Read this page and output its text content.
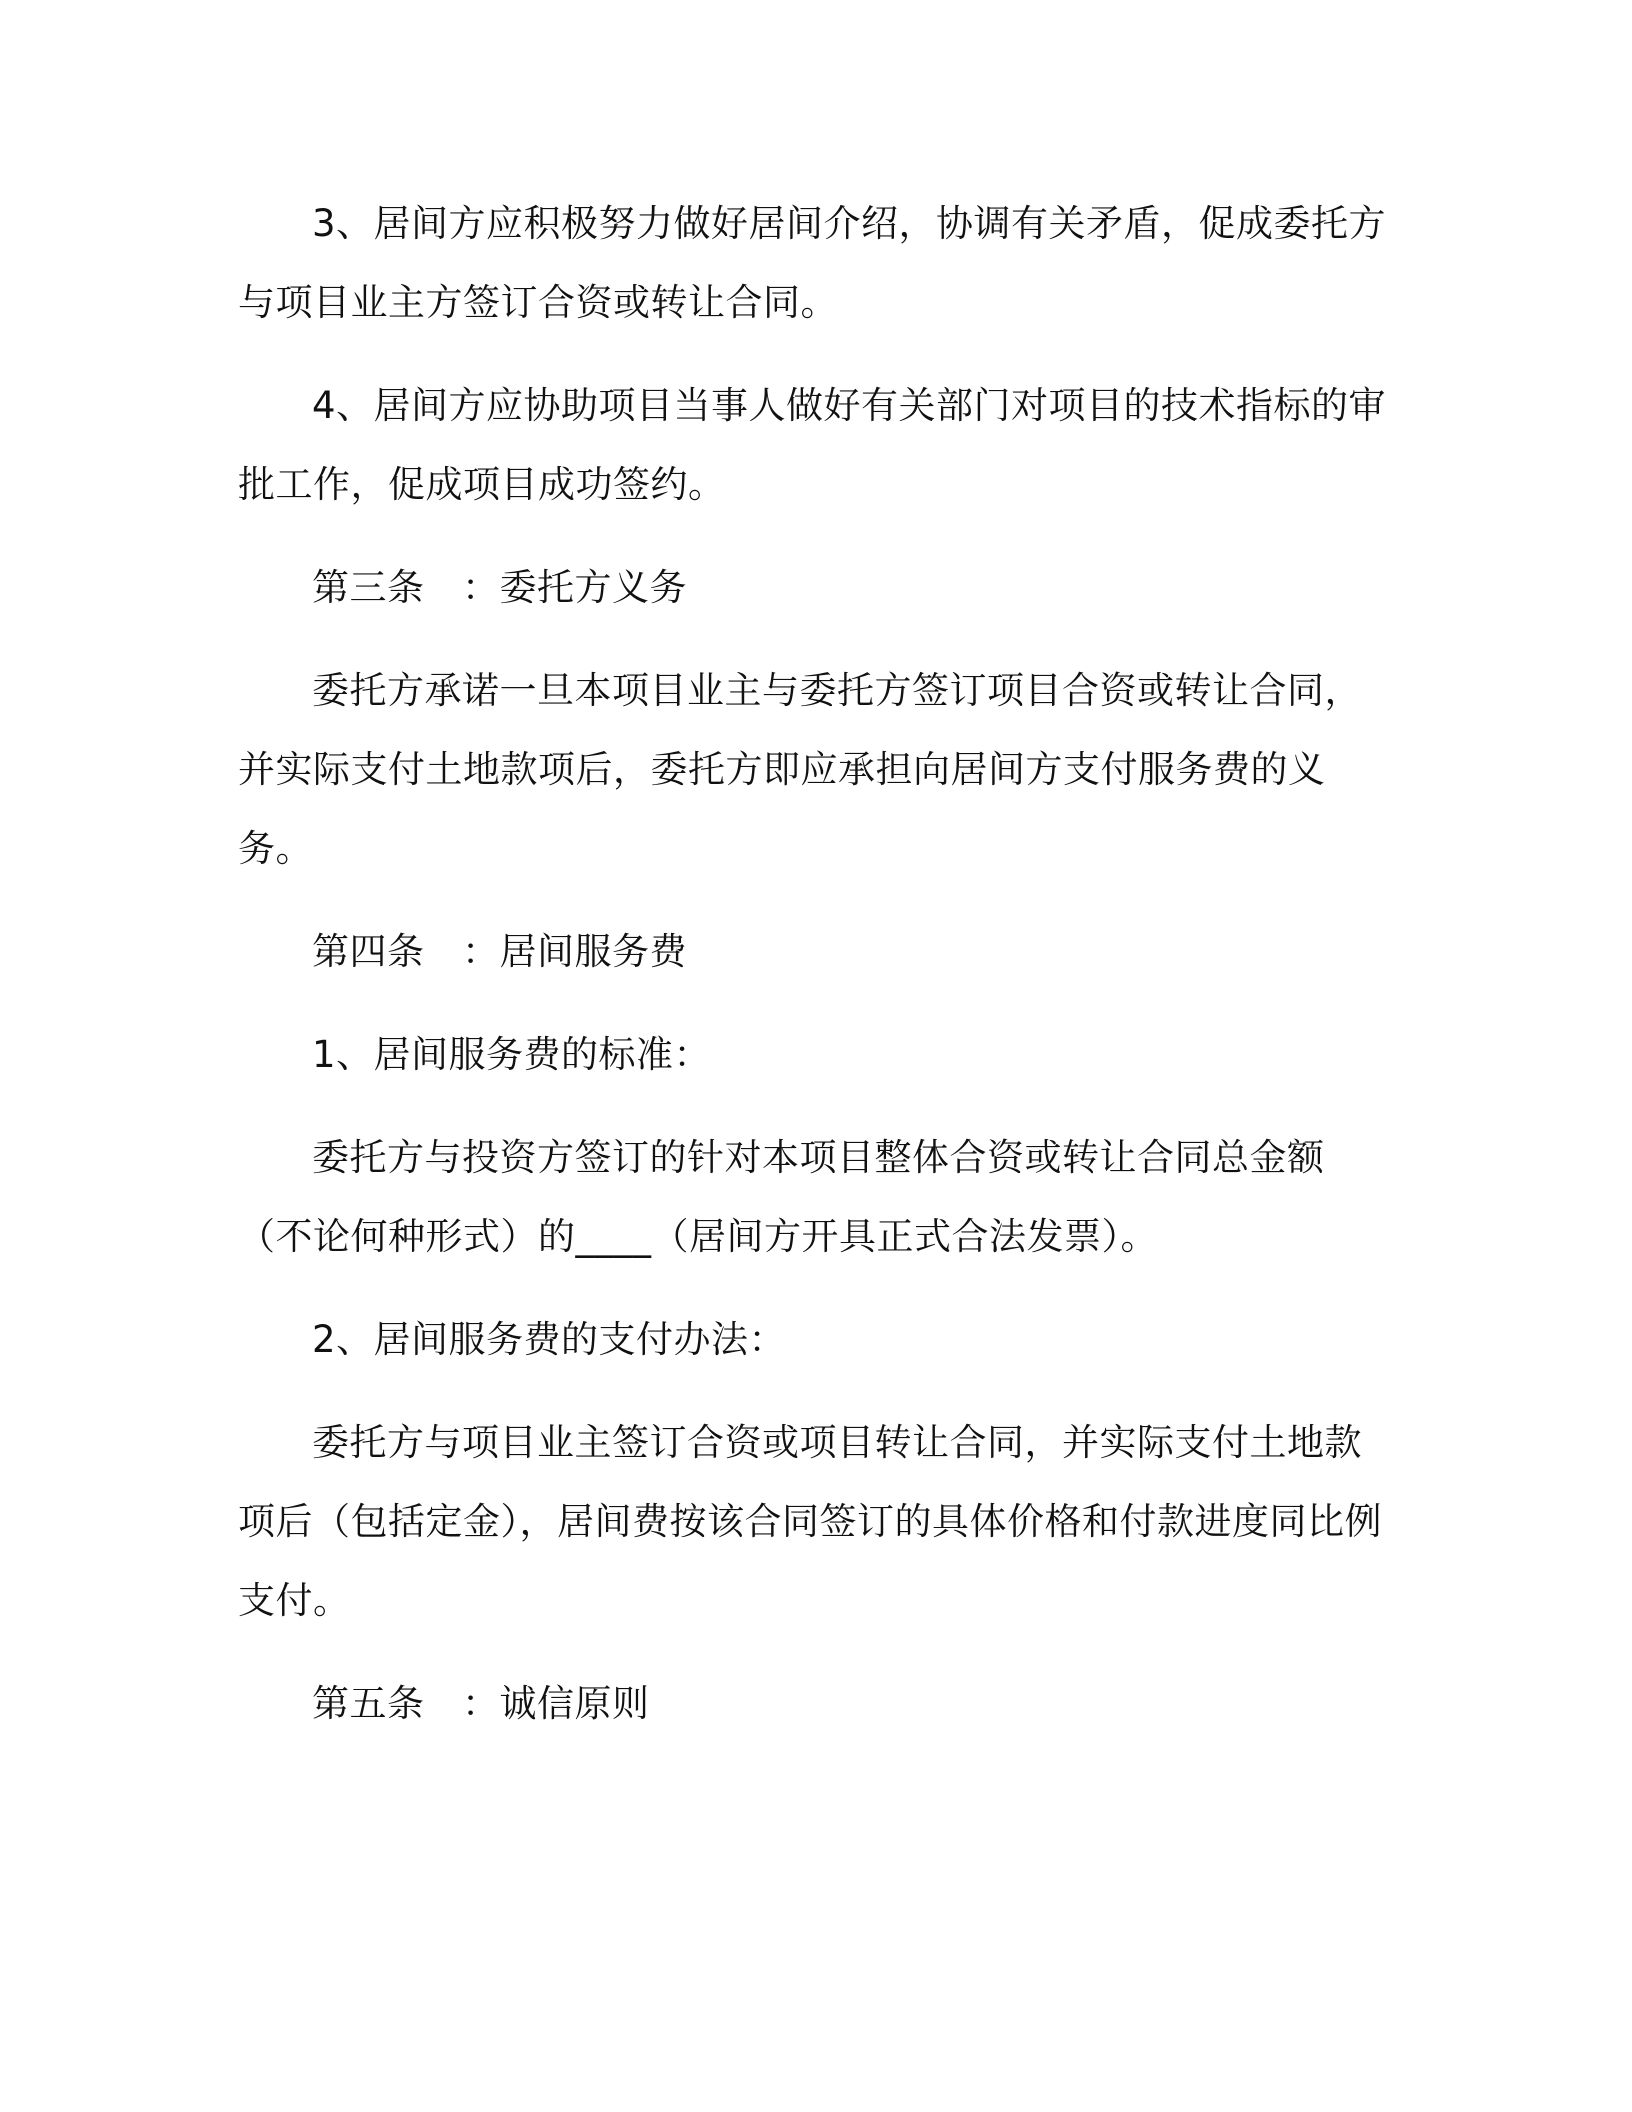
3、居间方应积极努力做好居间介绍，协调有关矛盾，促成委托方与项目业主方签订合资或转让合同。

4、居间方应协助项目当事人做好有关部门对项目的技术指标的审批工作，促成项目成功签约。

第三条　：委托方义务

委托方承诺一旦本项目业主与委托方签订项目合资或转让合同，并实际支付土地款项后，委托方即应承担向居间方支付服务费的义务。

第四条　：居间服务费

1、居间服务费的标准：

委托方与投资方签订的针对本项目整体合资或转让合同总金额（不论何种形式）的____（居间方开具正式合法发票）。

2、居间服务费的支付办法：

委托方与项目业主签订合资或项目转让合同，并实际支付土地款项后（包括定金），居间费按该合同签订的具体价格和付款进度同比例支付。

第五条　：诚信原则
